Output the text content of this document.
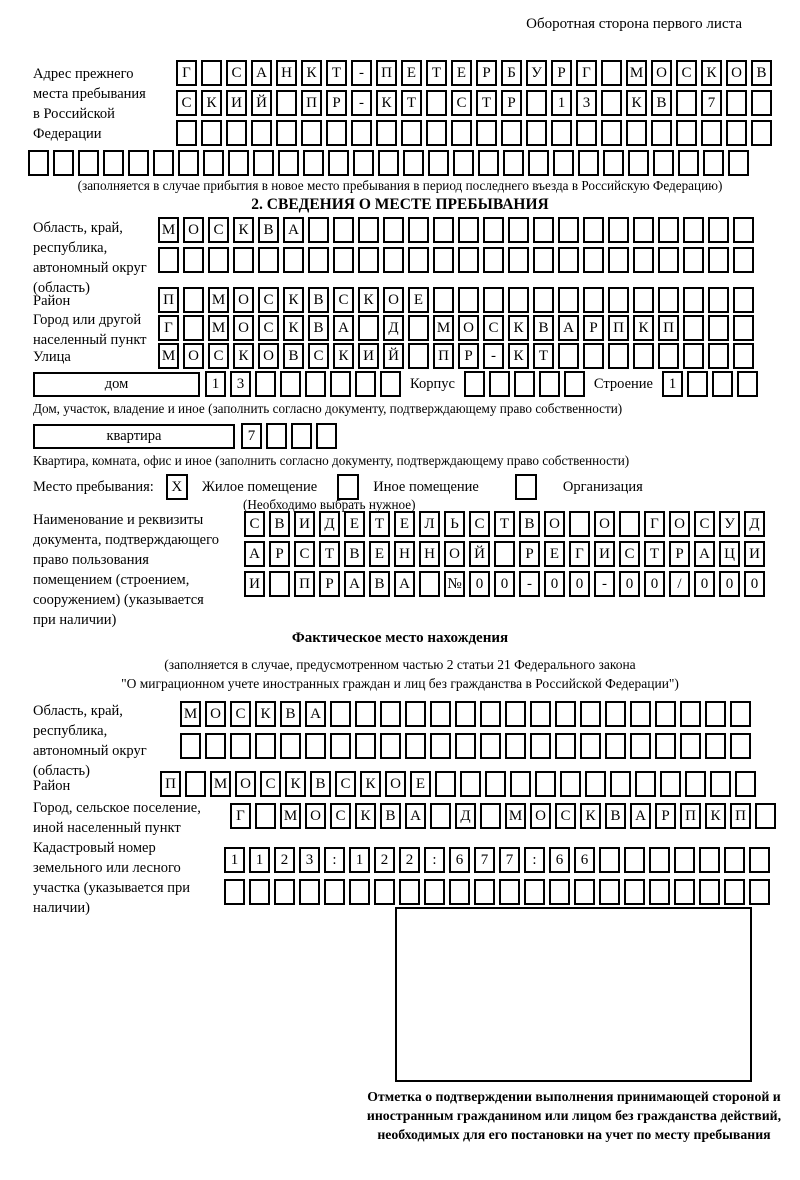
Оборотная сторона первого листа
Адрес прежнего места пребывания в Российской Федерации
Г	С А Н К	Т	-	П Е	Т	Е	Р	Б	У	Р	Г	М О С К О В
С К И Й	П	Р	-	К	Т	С	Т	Р	1	3	К В	7
(заполняется в случае прибытия в новое место пребывания в период последнего въезда в Российскую Федерацию)
2. СВЕДЕНИЯ О МЕСТЕ ПРЕБЫВАНИЯ
Область, край, республика, автономный округ (область)
М О С К В А
Район	П	М О С К В С К О Е
Город или другой населенный пункт
Г	М О С К В А	Д	М О С К В А	Р	П К П
Улица	М О С К О В С К И Й	П	Р	-	К	Т
дом	1	3	Корпус	Строение	1
Дом, участок, владение и иное (заполнить согласно документу, подтверждающему право собственности)
квартира	7
Квартира, комната, офис и иное (заполнить согласно документу, подтверждающему право собственности)
Место пребывания:	X	Жилое помещение	Иное помещение	Организация
(Необходимо выбрать нужное)
Наименование и реквизиты документа, подтверждающего право пользования помещением (строением, сооружением) (указывается при наличии)
С В И Д	Е	Т	Е	Л	Ь	С	Т	В О	О	Г	О С У Д
А	Р	С	Т	В	Е	Н Н О Й	Р	Е	Г	И С	Т	Р	А Ц И
И	П	Р	А В А	№ 0	0	-	0	0	-	0	0	/	0	0	0
Фактическое место нахождения
(заполняется в случае, предусмотренном частью 2 статьи 21 Федерального закона
"О миграционном учете иностранных граждан и лиц без гражданства в Российской Федерации")
Область, край, республика, автономный округ (область)
М О С К В А
Район	П	М О С К В С К О Е
Город, сельское поселение, иной населенный пункт
Г	М О С К В А	Д	М О С К В А	Р	П К П
Кадастровый номер земельного или лесного участка (указывается при наличии)
1	1	2	3	:	1	2	2	:	6	7	7	:	6	6
Отметка о подтверждении выполнения принимающей стороной и иностранным гражданином или лицом без гражданства действий, необходимых для его постановки на учет по месту пребывания
